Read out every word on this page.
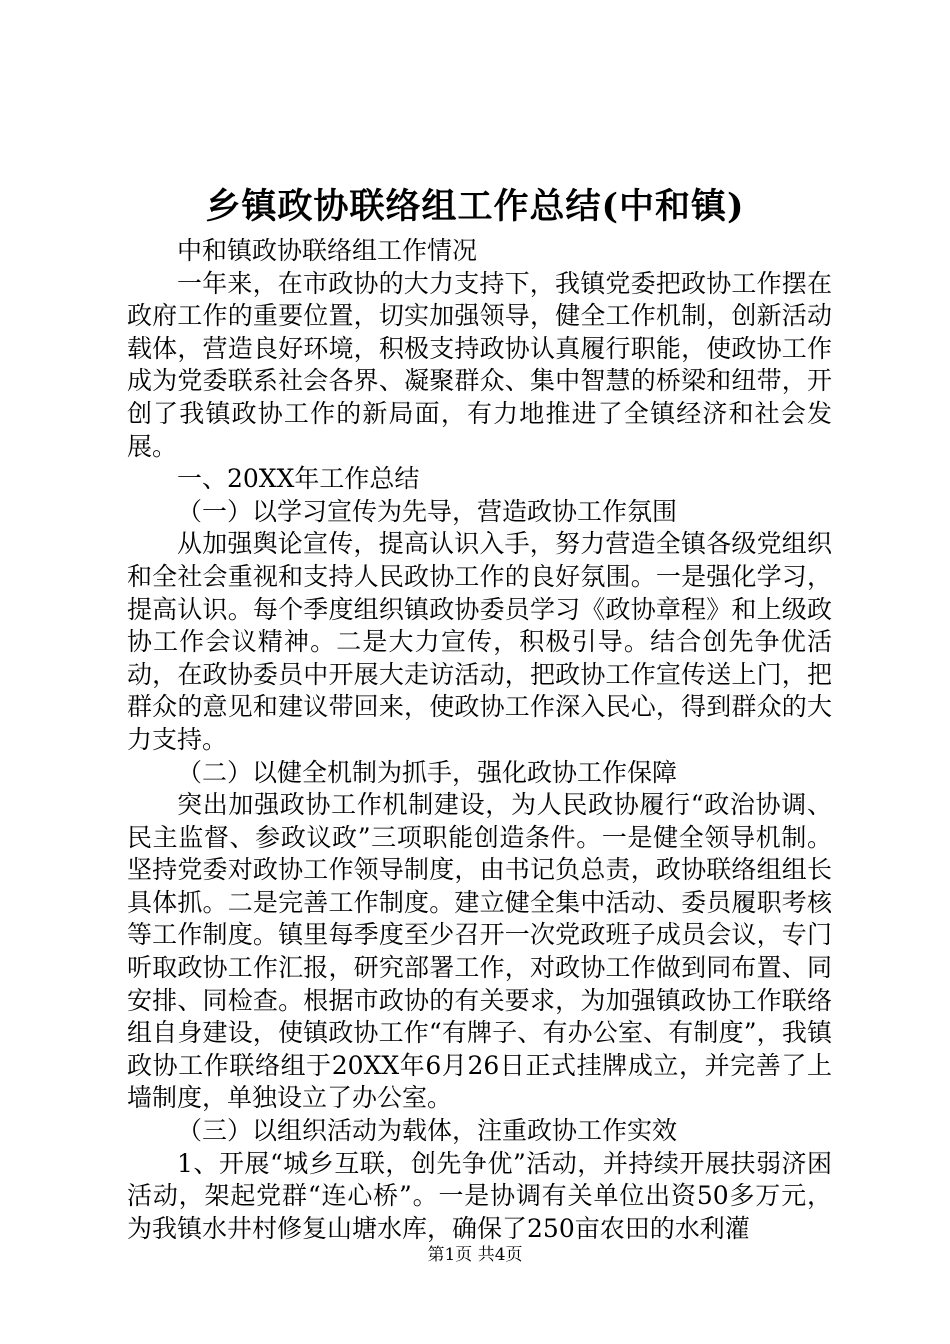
乡镇政协联络组工作总结(中和镇)

中和镇政协联络组工作情况

一年来，在市政协的大力支持下，我镇党委把政协工作摆在政府工作的重要位置，切实加强领导，健全工作机制，创新活动载体，营造良好环境，积极支持政协认真履行职能，使政协工作成为党委联系社会各界、凝聚群众、集中智慧的桥梁和纽带，开创了我镇政协工作的新局面，有力地推进了全镇经济和社会发展。

一、20XX年工作总结

（一）以学习宣传为先导，营造政协工作氛围

从加强舆论宣传，提高认识入手，努力营造全镇各级党组织和全社会重视和支持人民政协工作的良好氛围。一是强化学习，提高认识。每个季度组织镇政协委员学习《政协章程》和上级政协工作会议精神。二是大力宣传，积极引导。结合创先争优活动，在政协委员中开展大走访活动，把政协工作宣传送上门，把群众的意见和建议带回来，使政协工作深入民心，得到群众的大力支持。

（二）以健全机制为抓手，强化政协工作保障

突出加强政协工作机制建设，为人民政协履行“政治协调、民主监督、参政议政”三项职能创造条件。一是健全领导机制。坚持党委对政协工作领导制度，由书记负总责，政协联络组组长具体抓。二是完善工作制度。建立健全集中活动、委员履职考核等工作制度。镇里每季度至少召开一次党政班子成员会议，专门听取政协工作汇报，研究部署工作，对政协工作做到同布置、同安排、同检查。根据市政协的有关要求，为加强镇政协工作联络组自身建设，使镇政协工作“有牌子、有办公室、有制度”，我镇政协工作联络组于20XX年6月26日正式挂牌成立，并完善了上墙制度，单独设立了办公室。

（三）以组织活动为载体，注重政协工作实效

1、开展“城乡互联，创先争优”活动，并持续开展扶弱济困活动，架起党群“连心桥”。一是协调有关单位出资50多万元，为我镇水井村修复山塘水库，确保了250亩农田的水利灌

第1页 共4页
